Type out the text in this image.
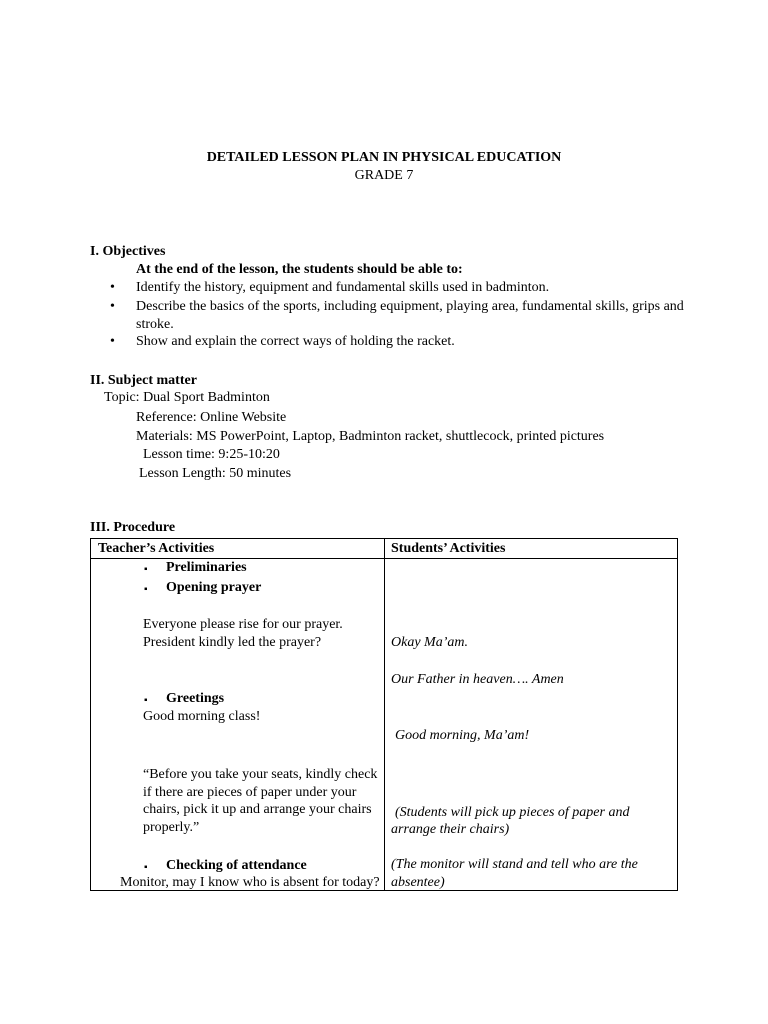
DETAILED LESSON PLAN IN PHYSICAL EDUCATION
GRADE 7
I. Objectives
At the end of the lesson, the students should be able to:
• Identify the history, equipment and fundamental skills used in badminton.
• Describe the basics of the sports, including equipment, playing area, fundamental skills, grips and
stroke.
• Show and explain the correct ways of holding the racket.
II. Subject matter
Topic: Dual Sport Badminton
Reference: Online Website
Materials: MS PowerPoint, Laptop, Badminton racket, shuttlecock, printed pictures
Lesson time: 9:25-10:20
Lesson Length: 50 minutes
III. Procedure
Teacher’s Activities	Students’ Activities
▪ Preliminaries
▪ Opening prayer
Everyone please rise for our prayer.
President kindly led the prayer?
▪ Greetings
Good morning class!
“Before you take your seats, kindly check
if there are pieces of paper under your
chairs, pick it up and arrange your chairs
properly.”
▪ Checking of attendance
Monitor, may I know who is absent for today?
Okay Ma’am.
Our Father in heaven…. Amen
Good morning, Ma’am!
(Students will pick up pieces of paper and
arrange their chairs)
(The monitor will stand and tell who are the
absentee)
